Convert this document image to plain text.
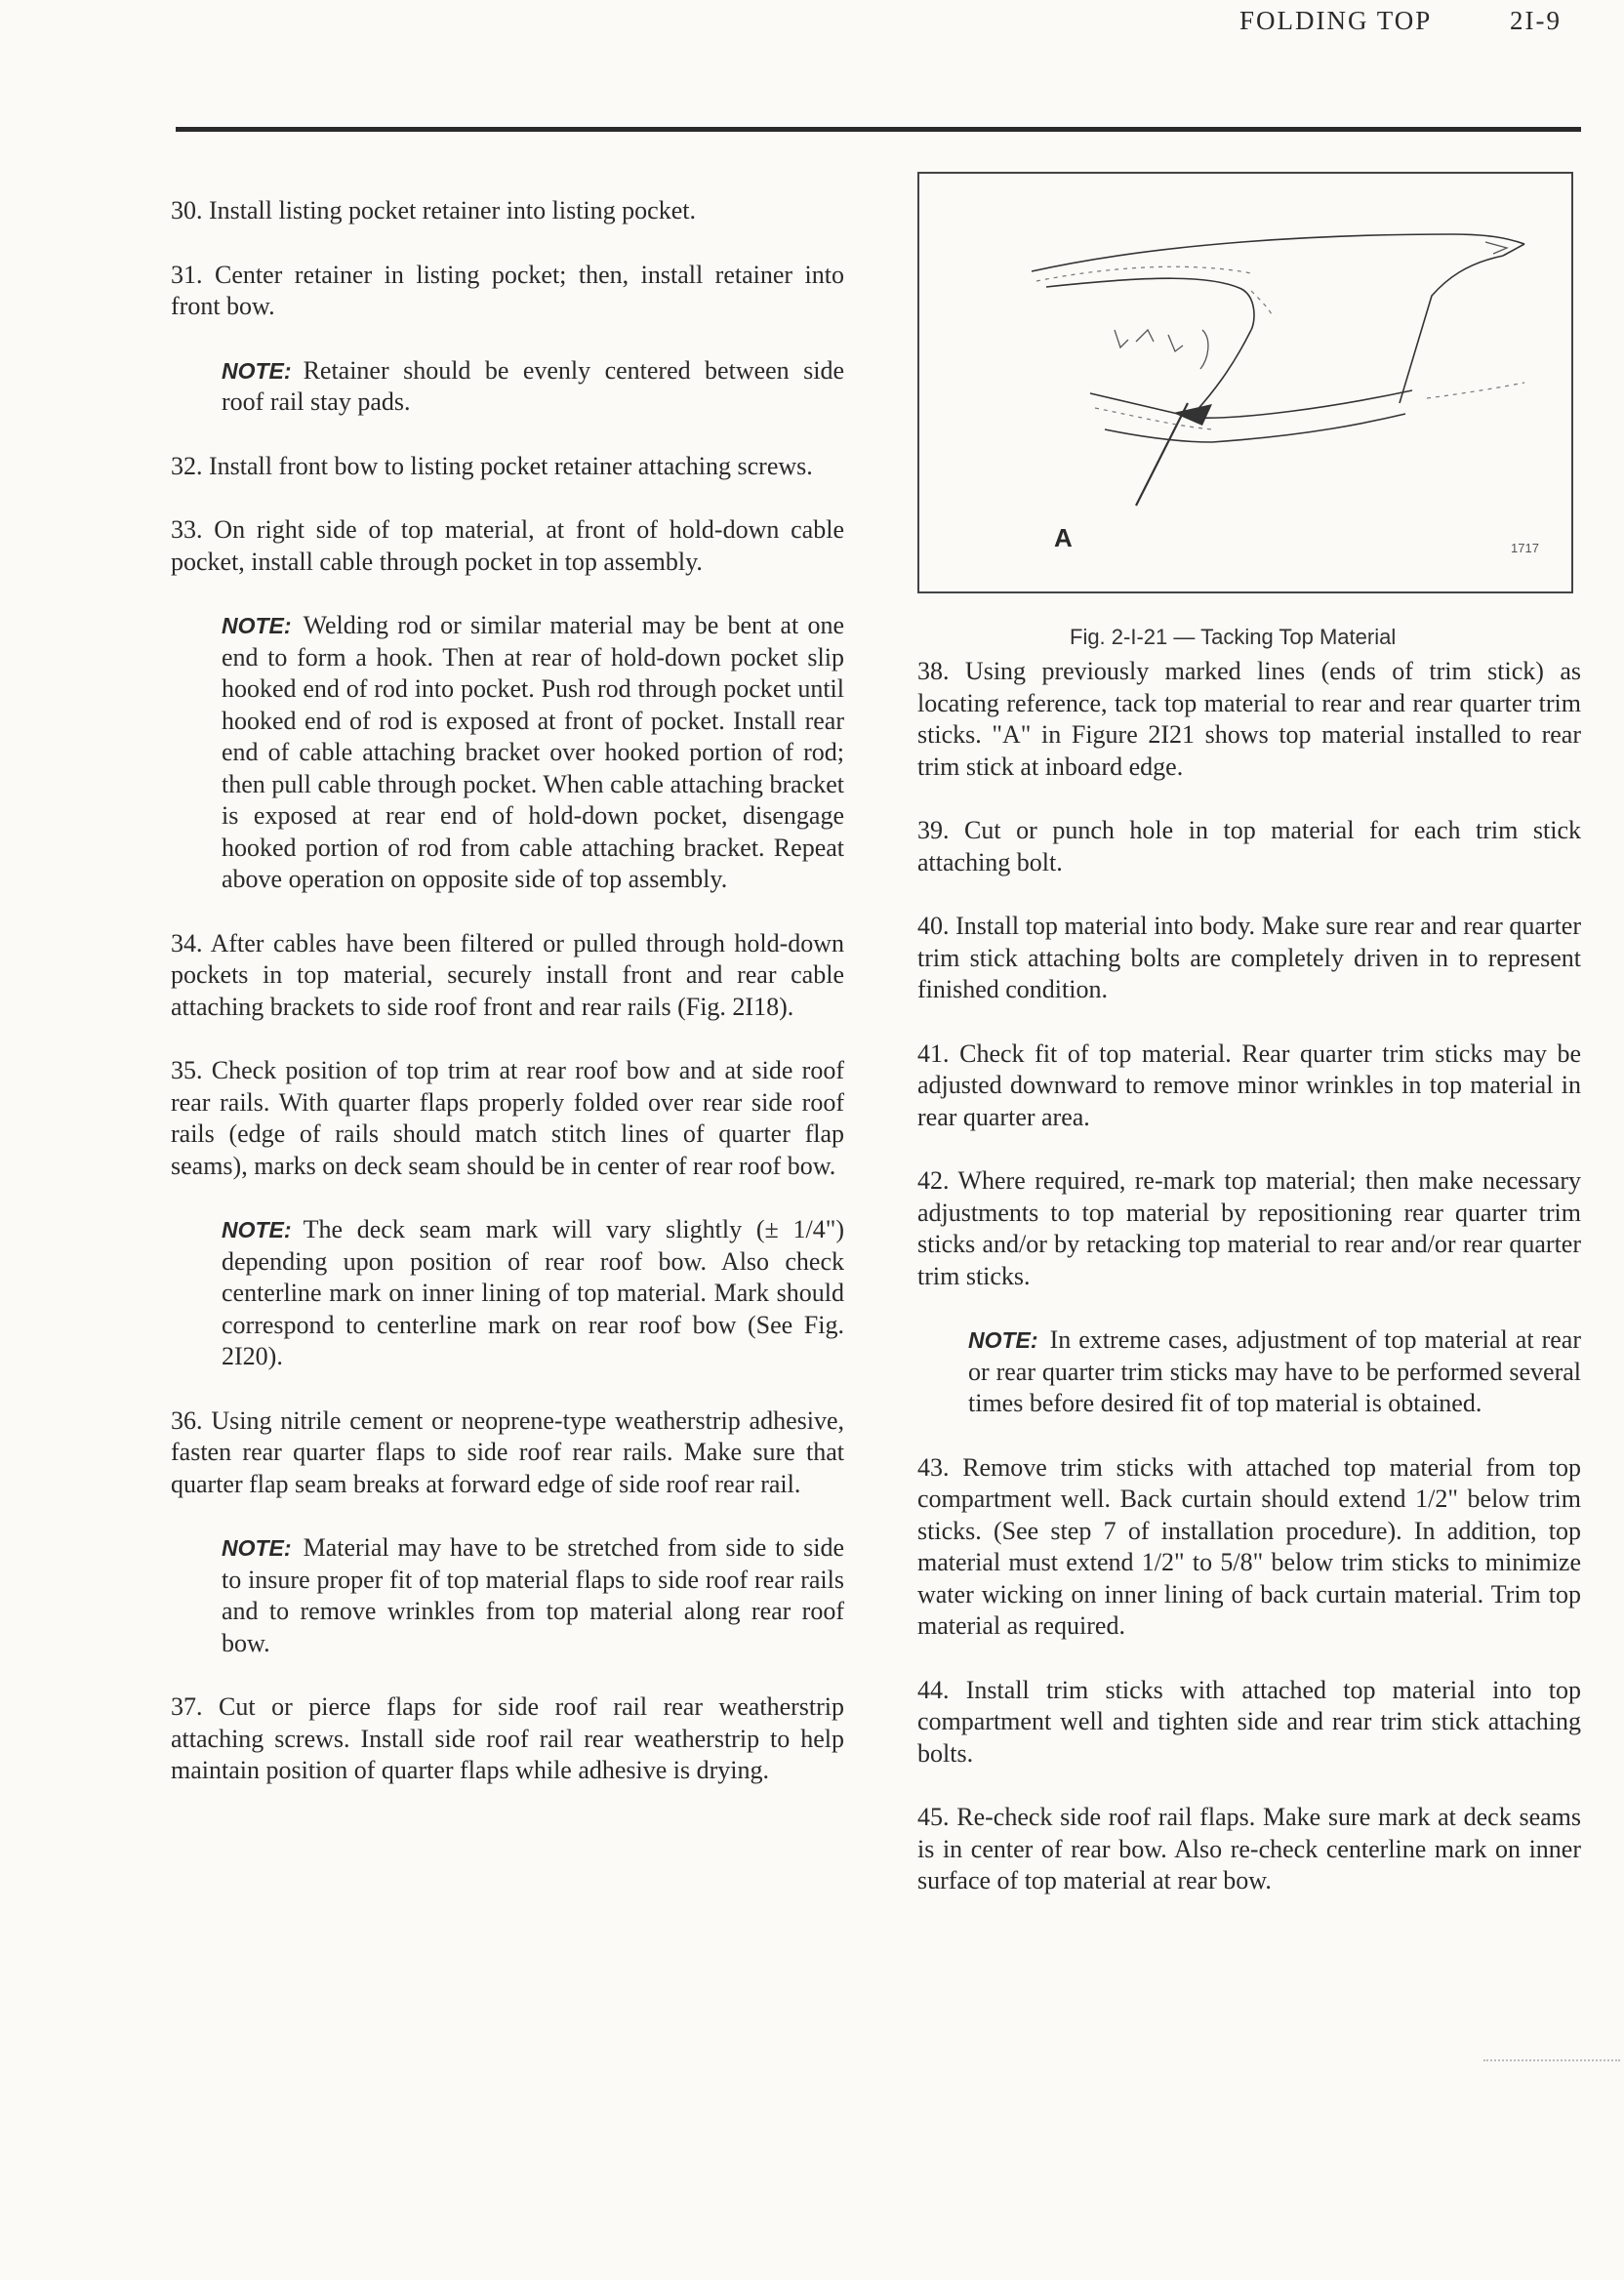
FOLDING TOP	2I-9

30. Install listing pocket retainer into listing pocket.

31. Center retainer in listing pocket; then, install retainer into front bow.

NOTE: Retainer should be evenly centered between side roof rail stay pads.

32. Install front bow to listing pocket retainer attaching screws.

33. On right side of top material, at front of hold-down cable pocket, install cable through pocket in top assembly.

NOTE: Welding rod or similar material may be bent at one end to form a hook. Then at rear of hold-down pocket slip hooked end of rod into pocket. Push rod through pocket until hooked end of rod is exposed at front of pocket. Install rear end of cable attaching bracket over hooked portion of rod; then pull cable through pocket. When cable attaching bracket is exposed at rear end of hold-down pocket, disengage hooked portion of rod from cable attaching bracket. Repeat above operation on opposite side of top assembly.

34. After cables have been filtered or pulled through hold-down pockets in top material, securely install front and rear cable attaching brackets to side roof front and rear rails (Fig. 2I18).

35. Check position of top trim at rear roof bow and at side roof rear rails. With quarter flaps properly folded over rear side roof rails (edge of rails should match stitch lines of quarter flap seams), marks on deck seam should be in center of rear roof bow.

NOTE: The deck seam mark will vary slightly (± 1/4") depending upon position of rear roof bow. Also check centerline mark on inner lining of top material. Mark should correspond to centerline mark on rear roof bow (See Fig. 2I20).

36. Using nitrile cement or neoprene-type weatherstrip adhesive, fasten rear quarter flaps to side roof rear rails. Make sure that quarter flap seam breaks at forward edge of side roof rear rail.

NOTE: Material may have to be stretched from side to side to insure proper fit of top material flaps to side roof rear rails and to remove wrinkles from top material along rear roof bow.

37. Cut or pierce flaps for side roof rail rear weatherstrip attaching screws. Install side roof rail rear weatherstrip to help maintain position of quarter flaps while adhesive is drying.

A	1717
Fig. 2-I-21 — Tacking Top Material

38. Using previously marked lines (ends of trim stick) as locating reference, tack top material to rear and rear quarter trim sticks. "A" in Figure 2I21 shows top material installed to rear trim stick at inboard edge.

39. Cut or punch hole in top material for each trim stick attaching bolt.

40. Install top material into body. Make sure rear and rear quarter trim stick attaching bolts are completely driven in to represent finished condition.

41. Check fit of top material. Rear quarter trim sticks may be adjusted downward to remove minor wrinkles in top material in rear quarter area.

42. Where required, re-mark top material; then make necessary adjustments to top material by repositioning rear quarter trim sticks and/or by retacking top material to rear and/or rear quarter trim sticks.

NOTE: In extreme cases, adjustment of top material at rear or rear quarter trim sticks may have to be performed several times before desired fit of top material is obtained.

43. Remove trim sticks with attached top material from top compartment well. Back curtain should extend 1/2" below trim sticks. (See step 7 of installation procedure). In addition, top material must extend 1/2" to 5/8" below trim sticks to minimize water wicking on inner lining of back curtain material. Trim top material as required.

44. Install trim sticks with attached top material into top compartment well and tighten side and rear trim stick attaching bolts.

45. Re-check side roof rail flaps. Make sure mark at deck seams is in center of rear bow. Also re-check centerline mark on inner surface of top material at rear bow.
